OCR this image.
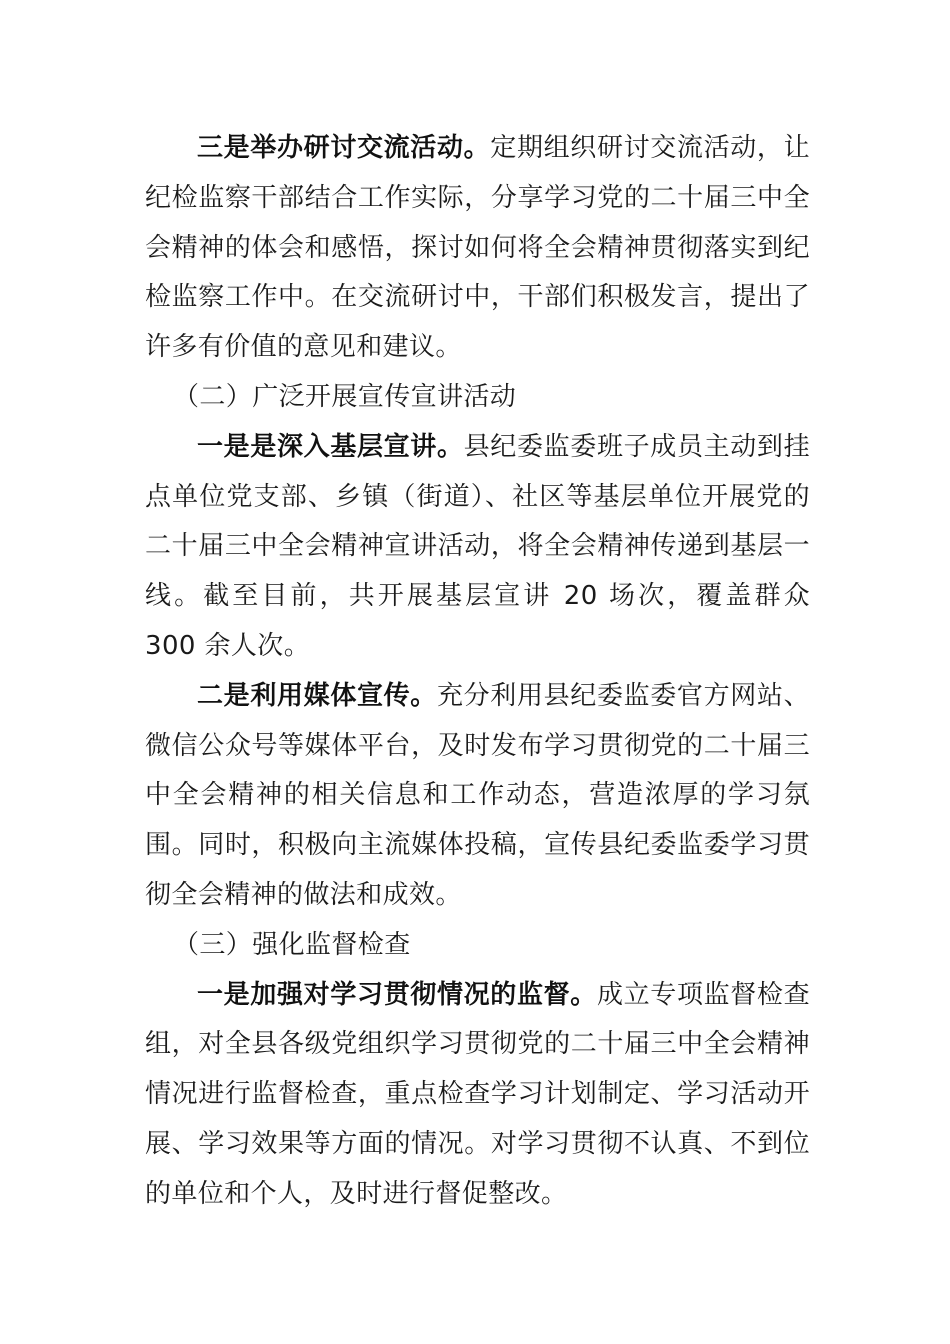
三是举办研讨交流活动。定期组织研讨交流活动，让纪检监察干部结合工作实际，分享学习党的二十届三中全会精神的体会和感悟，探讨如何将全会精神贯彻落实到纪检监察工作中。在交流研讨中，干部们积极发言，提出了许多有价值的意见和建议。

（二）广泛开展宣传宣讲活动

一是是深入基层宣讲。县纪委监委班子成员主动到挂点单位党支部、乡镇（街道）、社区等基层单位开展党的二十届三中全会精神宣讲活动，将全会精神传递到基层一线。截至目前，共开展基层宣讲 20 场次，覆盖群众 300 余人次。

二是利用媒体宣传。充分利用县纪委监委官方网站、微信公众号等媒体平台，及时发布学习贯彻党的二十届三中全会精神的相关信息和工作动态，营造浓厚的学习氛围。同时，积极向主流媒体投稿，宣传县纪委监委学习贯彻全会精神的做法和成效。

（三）强化监督检查

一是加强对学习贯彻情况的监督。成立专项监督检查组，对全县各级党组织学习贯彻党的二十届三中全会精神情况进行监督检查，重点检查学习计划制定、学习活动开展、学习效果等方面的情况。对学习贯彻不认真、不到位的单位和个人，及时进行督促整改。
